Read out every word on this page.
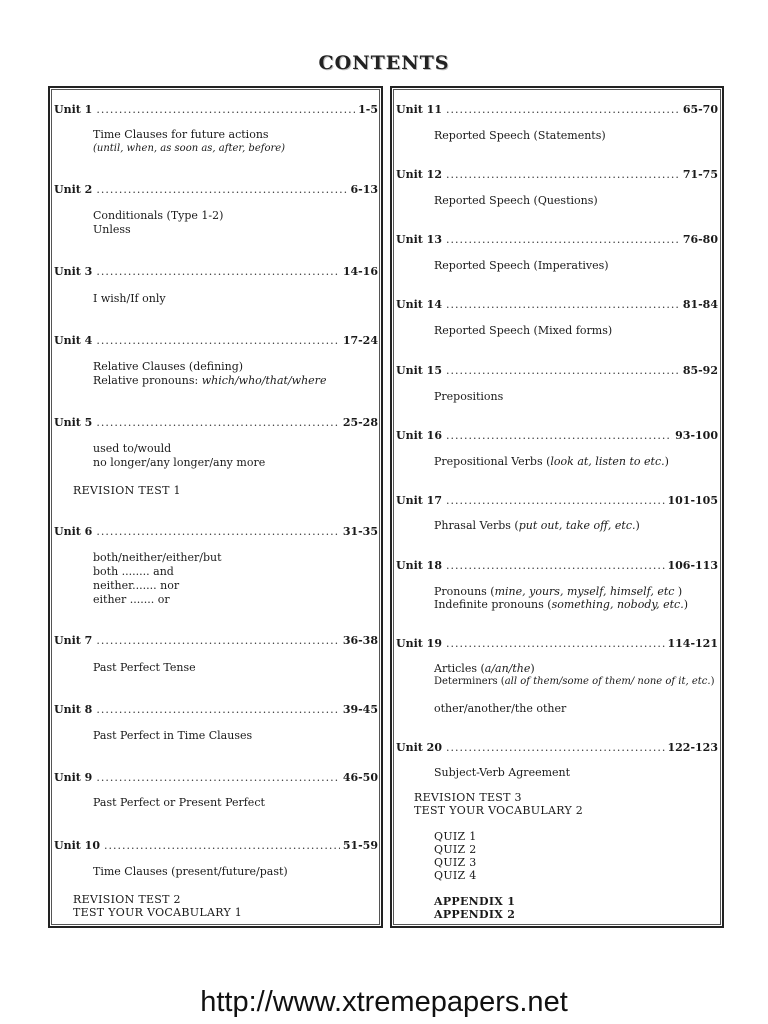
CONTENTS
Unit 1 .....	1-5
Time Clauses for future actions
(until, when, as soon as, after, before)
Unit 2 .....	6-13
Conditionals (Type 1-2)
Unless
Unit 3 .....	14-16
I wish/If only
Unit 4 .....	17-24
Relative Clauses (defining)
Relative pronouns: which/who/that/where
Unit 5 .....	25-28
used to/would
no longer/any longer/any more
REVISION TEST 1
Unit 6 .....	31-35
both/neither/either/but
both ........ and
neither....... nor
either ....... or
Unit 7 .....	36-38
Past Perfect Tense
Unit 8 .....	39-45
Past Perfect in Time Clauses
Unit 9 .....	46-50
Past Perfect or Present Perfect
Unit 10 .....	51-59
Time Clauses (present/future/past)
REVISION TEST 2
TEST YOUR VOCABULARY 1
Unit 11 .....	65-70
Reported Speech (Statements)
Unit 12 .....	71-75
Reported Speech (Questions)
Unit 13 .....	76-80
Reported Speech (Imperatives)
Unit 14 .....	81-84
Reported Speech (Mixed forms)
Unit 15 .....	85-92
Prepositions
Unit 16 .....	93-100
Prepositional Verbs (look at, listen to etc.)
Unit 17 .....	101-105
Phrasal Verbs (put out, take off, etc.)
Unit 18 .....	106-113
Pronouns (mine, yours, myself, himself, etc )
Indefinite pronouns (something, nobody, etc.)
Unit 19 .....	114-121
Articles (a/an/the)
Determiners (all of them/some of them/ none of it, etc.)
other/another/the other
Unit 20 .....	122-123
Subject-Verb Agreement
REVISION TEST 3
TEST YOUR VOCABULARY 2
QUIZ 1
QUIZ 2
QUIZ 3
QUIZ 4
APPENDIX 1
APPENDIX 2
http://www.xtremepapers.net
